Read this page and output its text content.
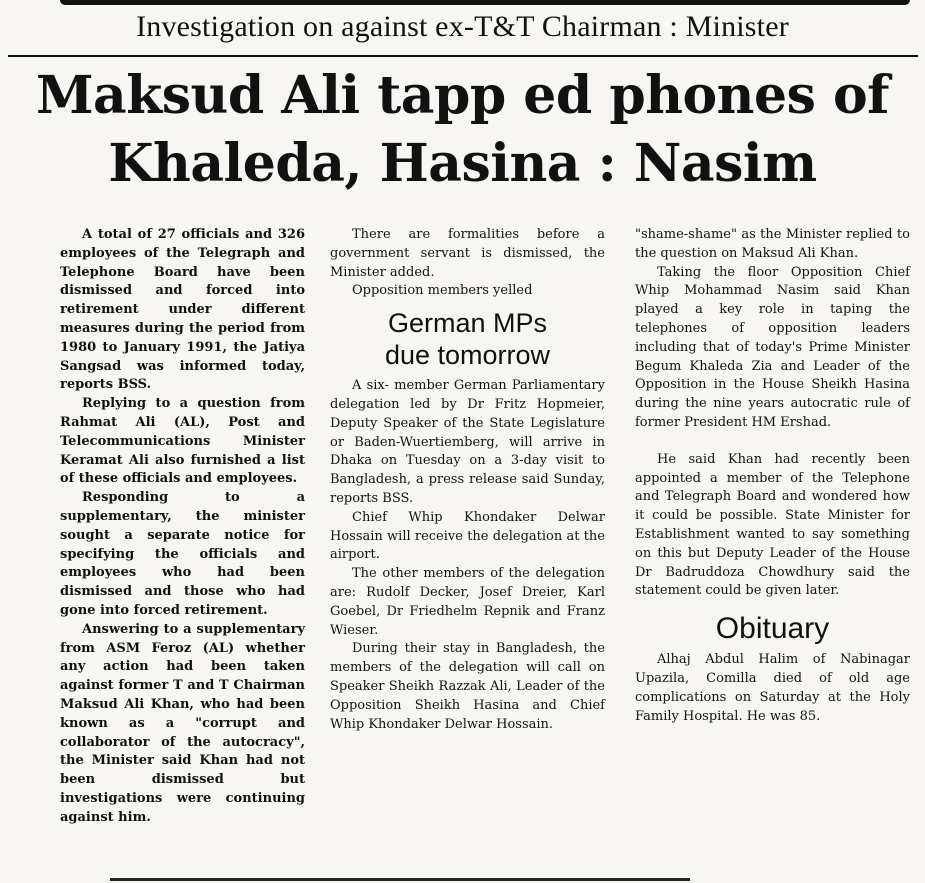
Investigation on against ex-T&T Chairman : Minister
Maksud Ali tapp ed phones of
Khaleda, Hasina : Nasim

A total of 27 officials and 326 employees of the Telegraph and Telephone Board have been dismissed and forced into retirement under different measures during the period from 1980 to January 1991, the Jatiya Sangsad was informed today, reports BSS.

Replying to a question from Rahmat Ali (AL), Post and Telecommunications Minister Keramat Ali also furnished a list of these officials and employees.

Responding to a supplementary, the minister sought a separate notice for specifying the officials and employees who had been dismissed and those who had gone into forced retirement.

Answering to a supplementary from ASM Feroz (AL) whether any action had been taken against former T and T Chairman Maksud Ali Khan, who had been known as a "corrupt and collaborator of the autocracy", the Minister said Khan had not been dismissed but investigations were continuing against him.

There are formalities before a government servant is dismissed, the Minister added.

Opposition members yelled

German MPs
due tomorrow

A six- member German Parliamentary delegation led by Dr Fritz Hopmeier, Deputy Speaker of the State Legislature or Baden-Wuertiemberg, will arrive in Dhaka on Tuesday on a 3-day visit to Bangladesh, a press release said Sunday, reports BSS.

Chief Whip Khondaker Delwar Hossain will receive the delegation at the airport.

The other members of the delegation are: Rudolf Decker, Josef Dreier, Karl Goebel, Dr Friedhelm Repnik and Franz Wieser.

During their stay in Bangladesh, the members of the delegation will call on Speaker Sheikh Razzak Ali, Leader of the Opposition Sheikh Hasina and Chief Whip Khondaker Delwar Hossain.

"shame-shame" as the Minister replied to the question on Maksud Ali Khan.

Taking the floor Opposition Chief Whip Mohammad Nasim said Khan played a key role in taping the telephones of opposition leaders including that of today's Prime Minister Begum Khaleda Zia and Leader of the Opposition in the House Sheikh Hasina during the nine years autocratic rule of former President HM Ershad.

He said Khan had recently been appointed a member of the Telephone and Telegraph Board and wondered how it could be possible. State Minister for Establishment wanted to say something on this but Deputy Leader of the House Dr Badruddoza Chowdhury said the statement could be given later.

Obituary

Alhaj Abdul Halim of Nabinagar Upazila, Comilla died of old age complications on Saturday at the Holy Family Hospital. He was 85.
